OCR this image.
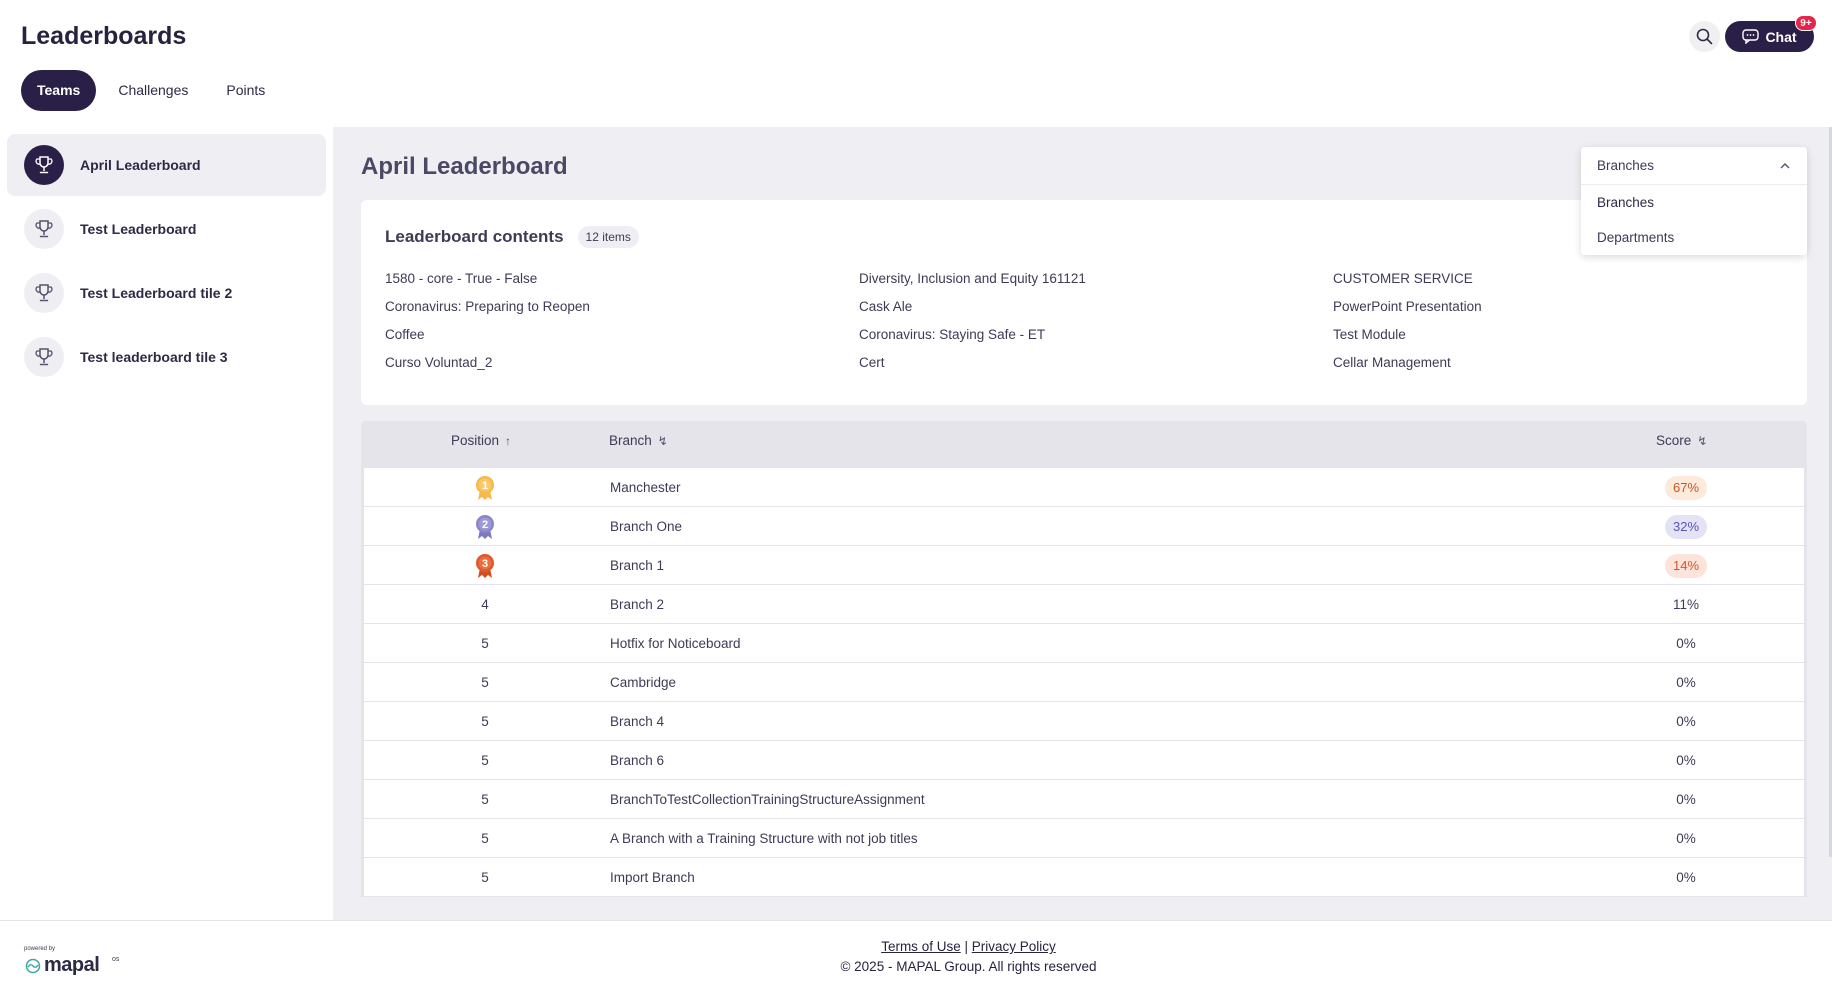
Leaderboards
Teams	Challenges	Points
Chat
9+
April Leaderboard
Test Leaderboard
Test Leaderboard tile 2
Test leaderboard tile 3
April Leaderboard
Leaderboard contents	12 items
1580 - core - True - False	Diversity, Inclusion and Equity 161121	CUSTOMER SERVICE
Coronavirus: Preparing to Reopen	Cask Ale	PowerPoint Presentation
Coffee	Coronavirus: Staying Safe - ET	Test Module
Curso Voluntad_2	Cert	Cellar Management
Position ↑	Branch ↯	Score ↯
1	Manchester	67%
2	Branch One	32%
3	Branch 1	14%
4	Branch 2	11%
5	Hotfix for Noticeboard	0%
5	Cambridge	0%
5	Branch 4	0%
5	Branch 6	0%
5	BranchToTestCollectionTrainingStructureAssignment	0%
5	A Branch with a Training Structure with not job titles	0%
5	Import Branch	0%
Branches
Branches
Departments
powered by
mapal os
Terms of Use | Privacy Policy
© 2025 - MAPAL Group. All rights reserved
